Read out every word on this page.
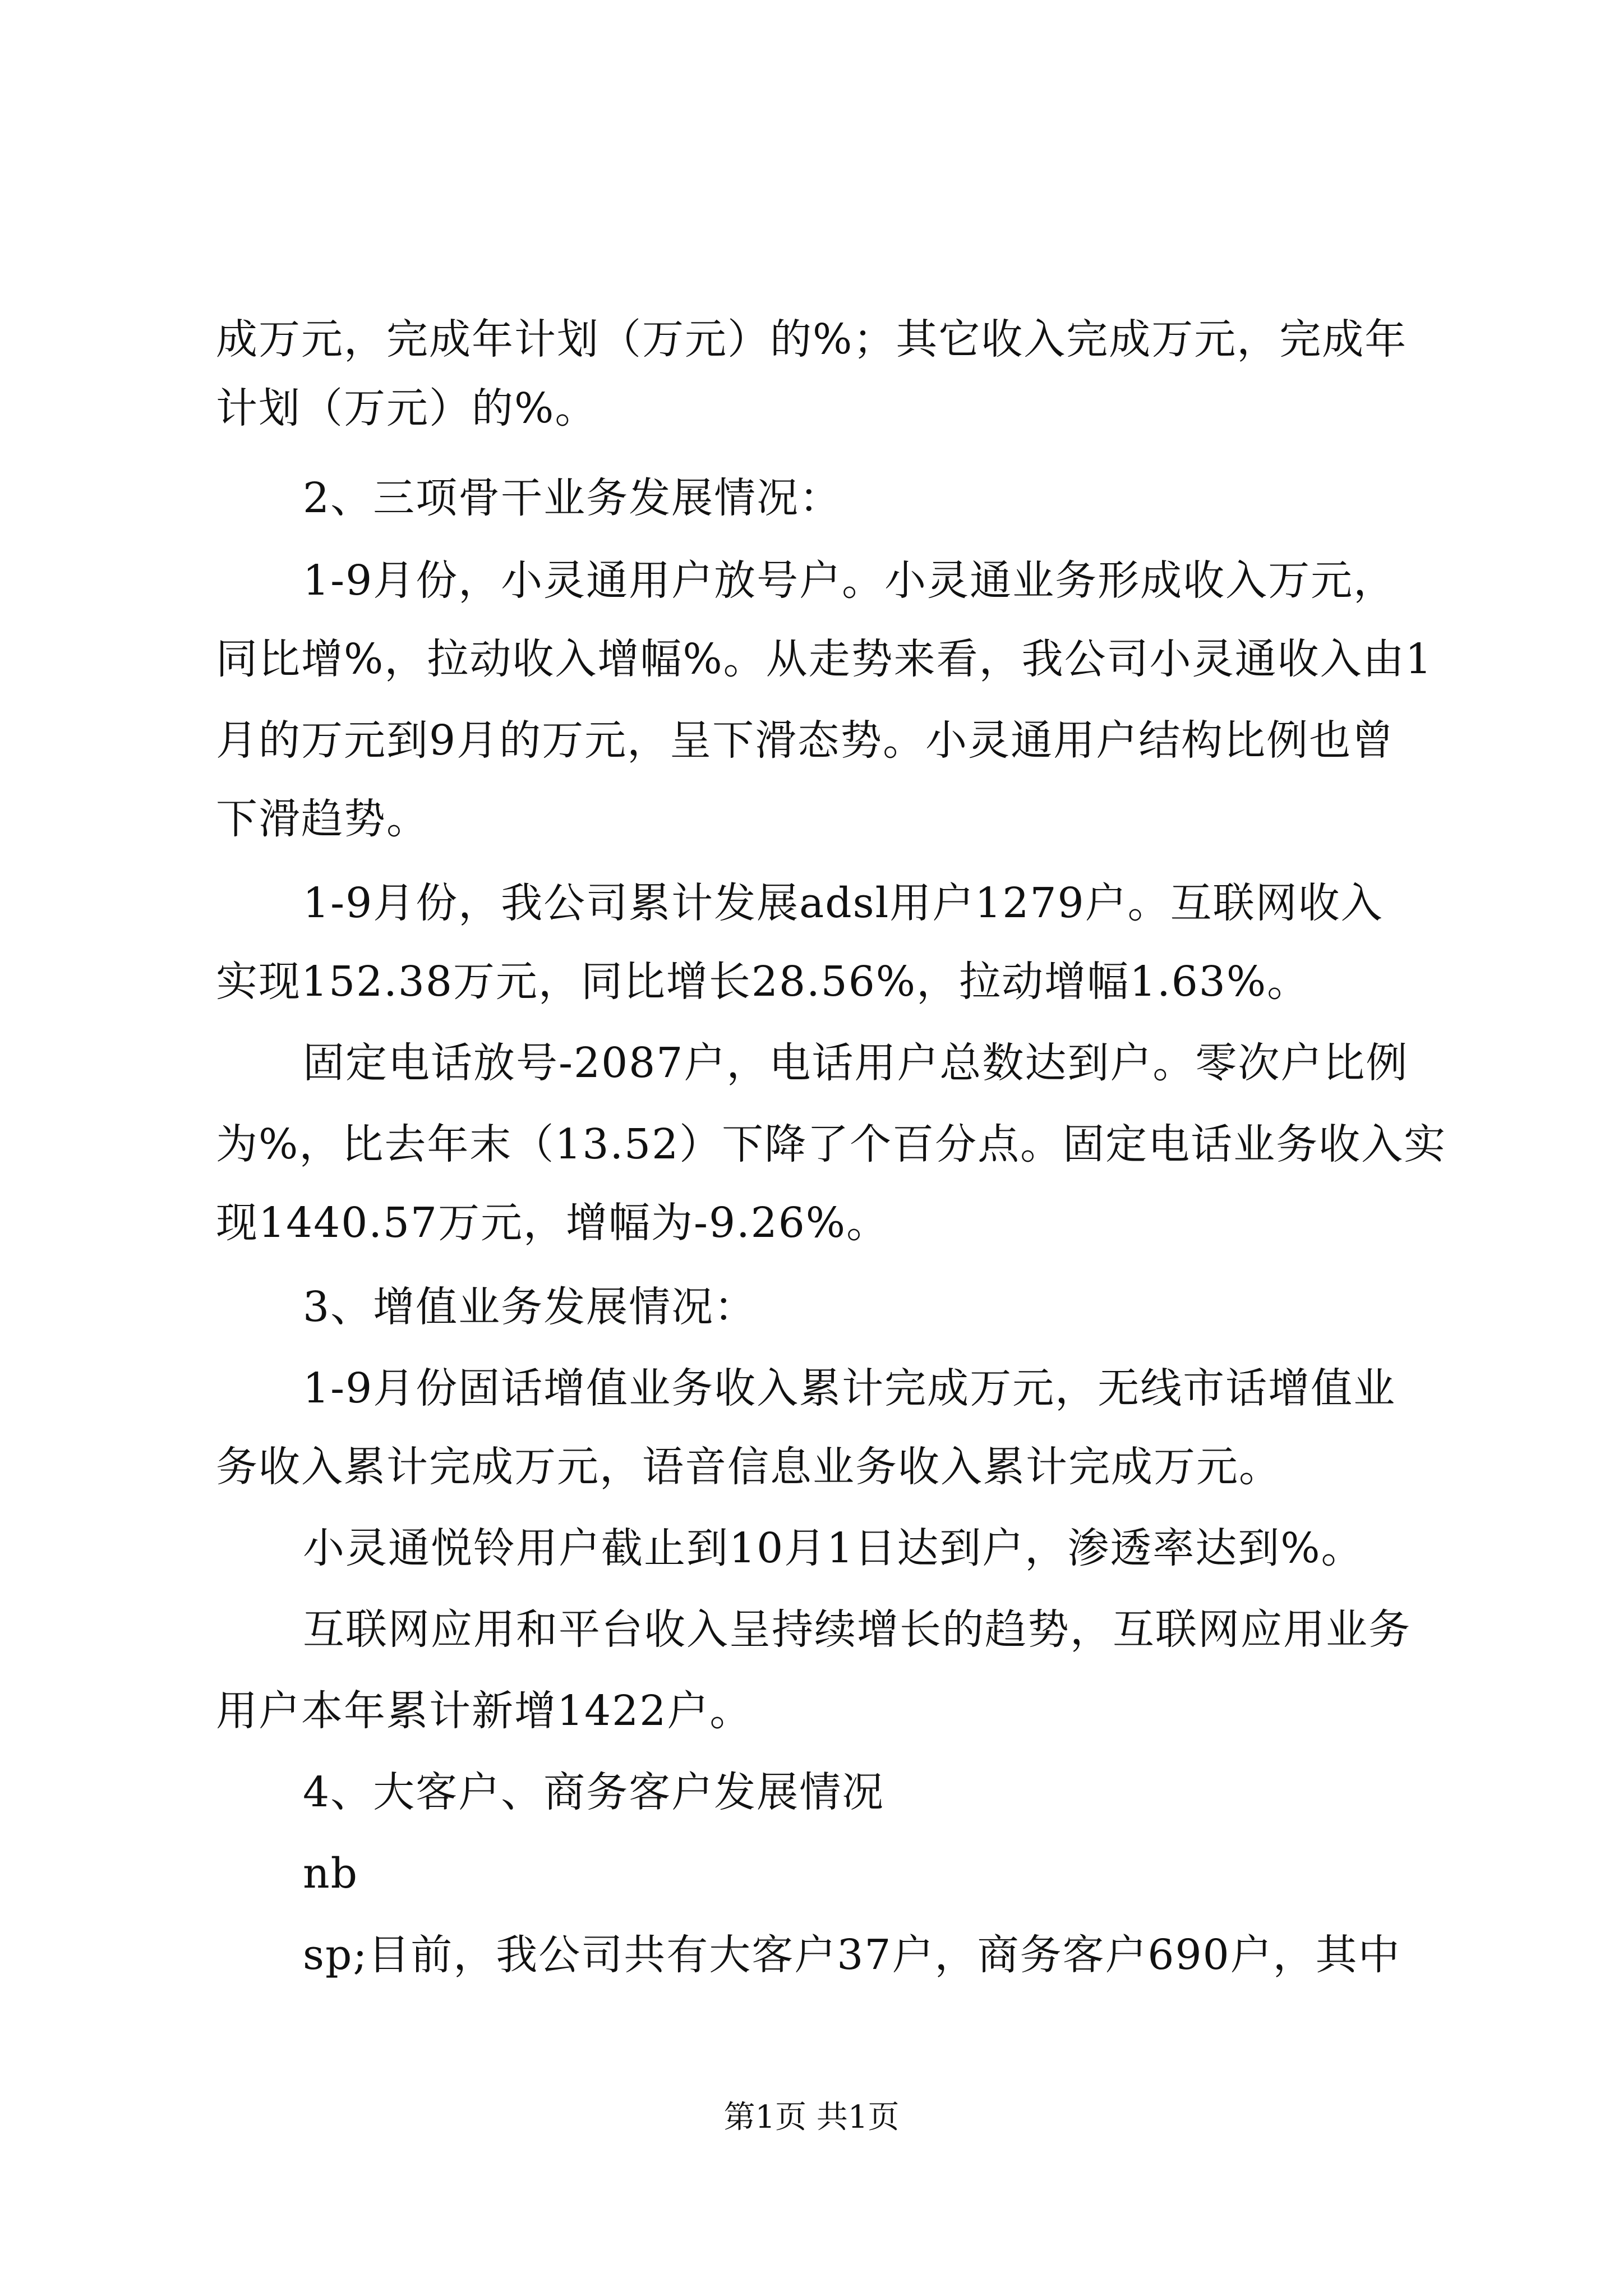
成万元，完成年计划（万元）的%；其它收入完成万元，完成年
计划（万元）的%。
2、三项骨干业务发展情况：
1-9月份，小灵通用户放号户。小灵通业务形成收入万元，
同比增%，拉动收入增幅%。从走势来看，我公司小灵通收入由1
月的万元到9月的万元，呈下滑态势。小灵通用户结构比例也曾
下滑趋势。
1-9月份，我公司累计发展adsl用户1279户。互联网收入
实现152.38万元，同比增长28.56%，拉动增幅1.63%。
固定电话放号-2087户，电话用户总数达到户。零次户比例
为%，比去年末（13.52）下降了个百分点。固定电话业务收入实
现1440.57万元，增幅为-9.26%。
3、增值业务发展情况：
1-9月份固话增值业务收入累计完成万元，无线市话增值业
务收入累计完成万元，语音信息业务收入累计完成万元。
小灵通悦铃用户截止到10月1日达到户，渗透率达到%。
互联网应用和平台收入呈持续增长的趋势，互联网应用业务
用户本年累计新增1422户。
4、大客户、商务客户发展情况
nb
sp;目前，我公司共有大客户37户，商务客户690户，其中
第1页 共1页
